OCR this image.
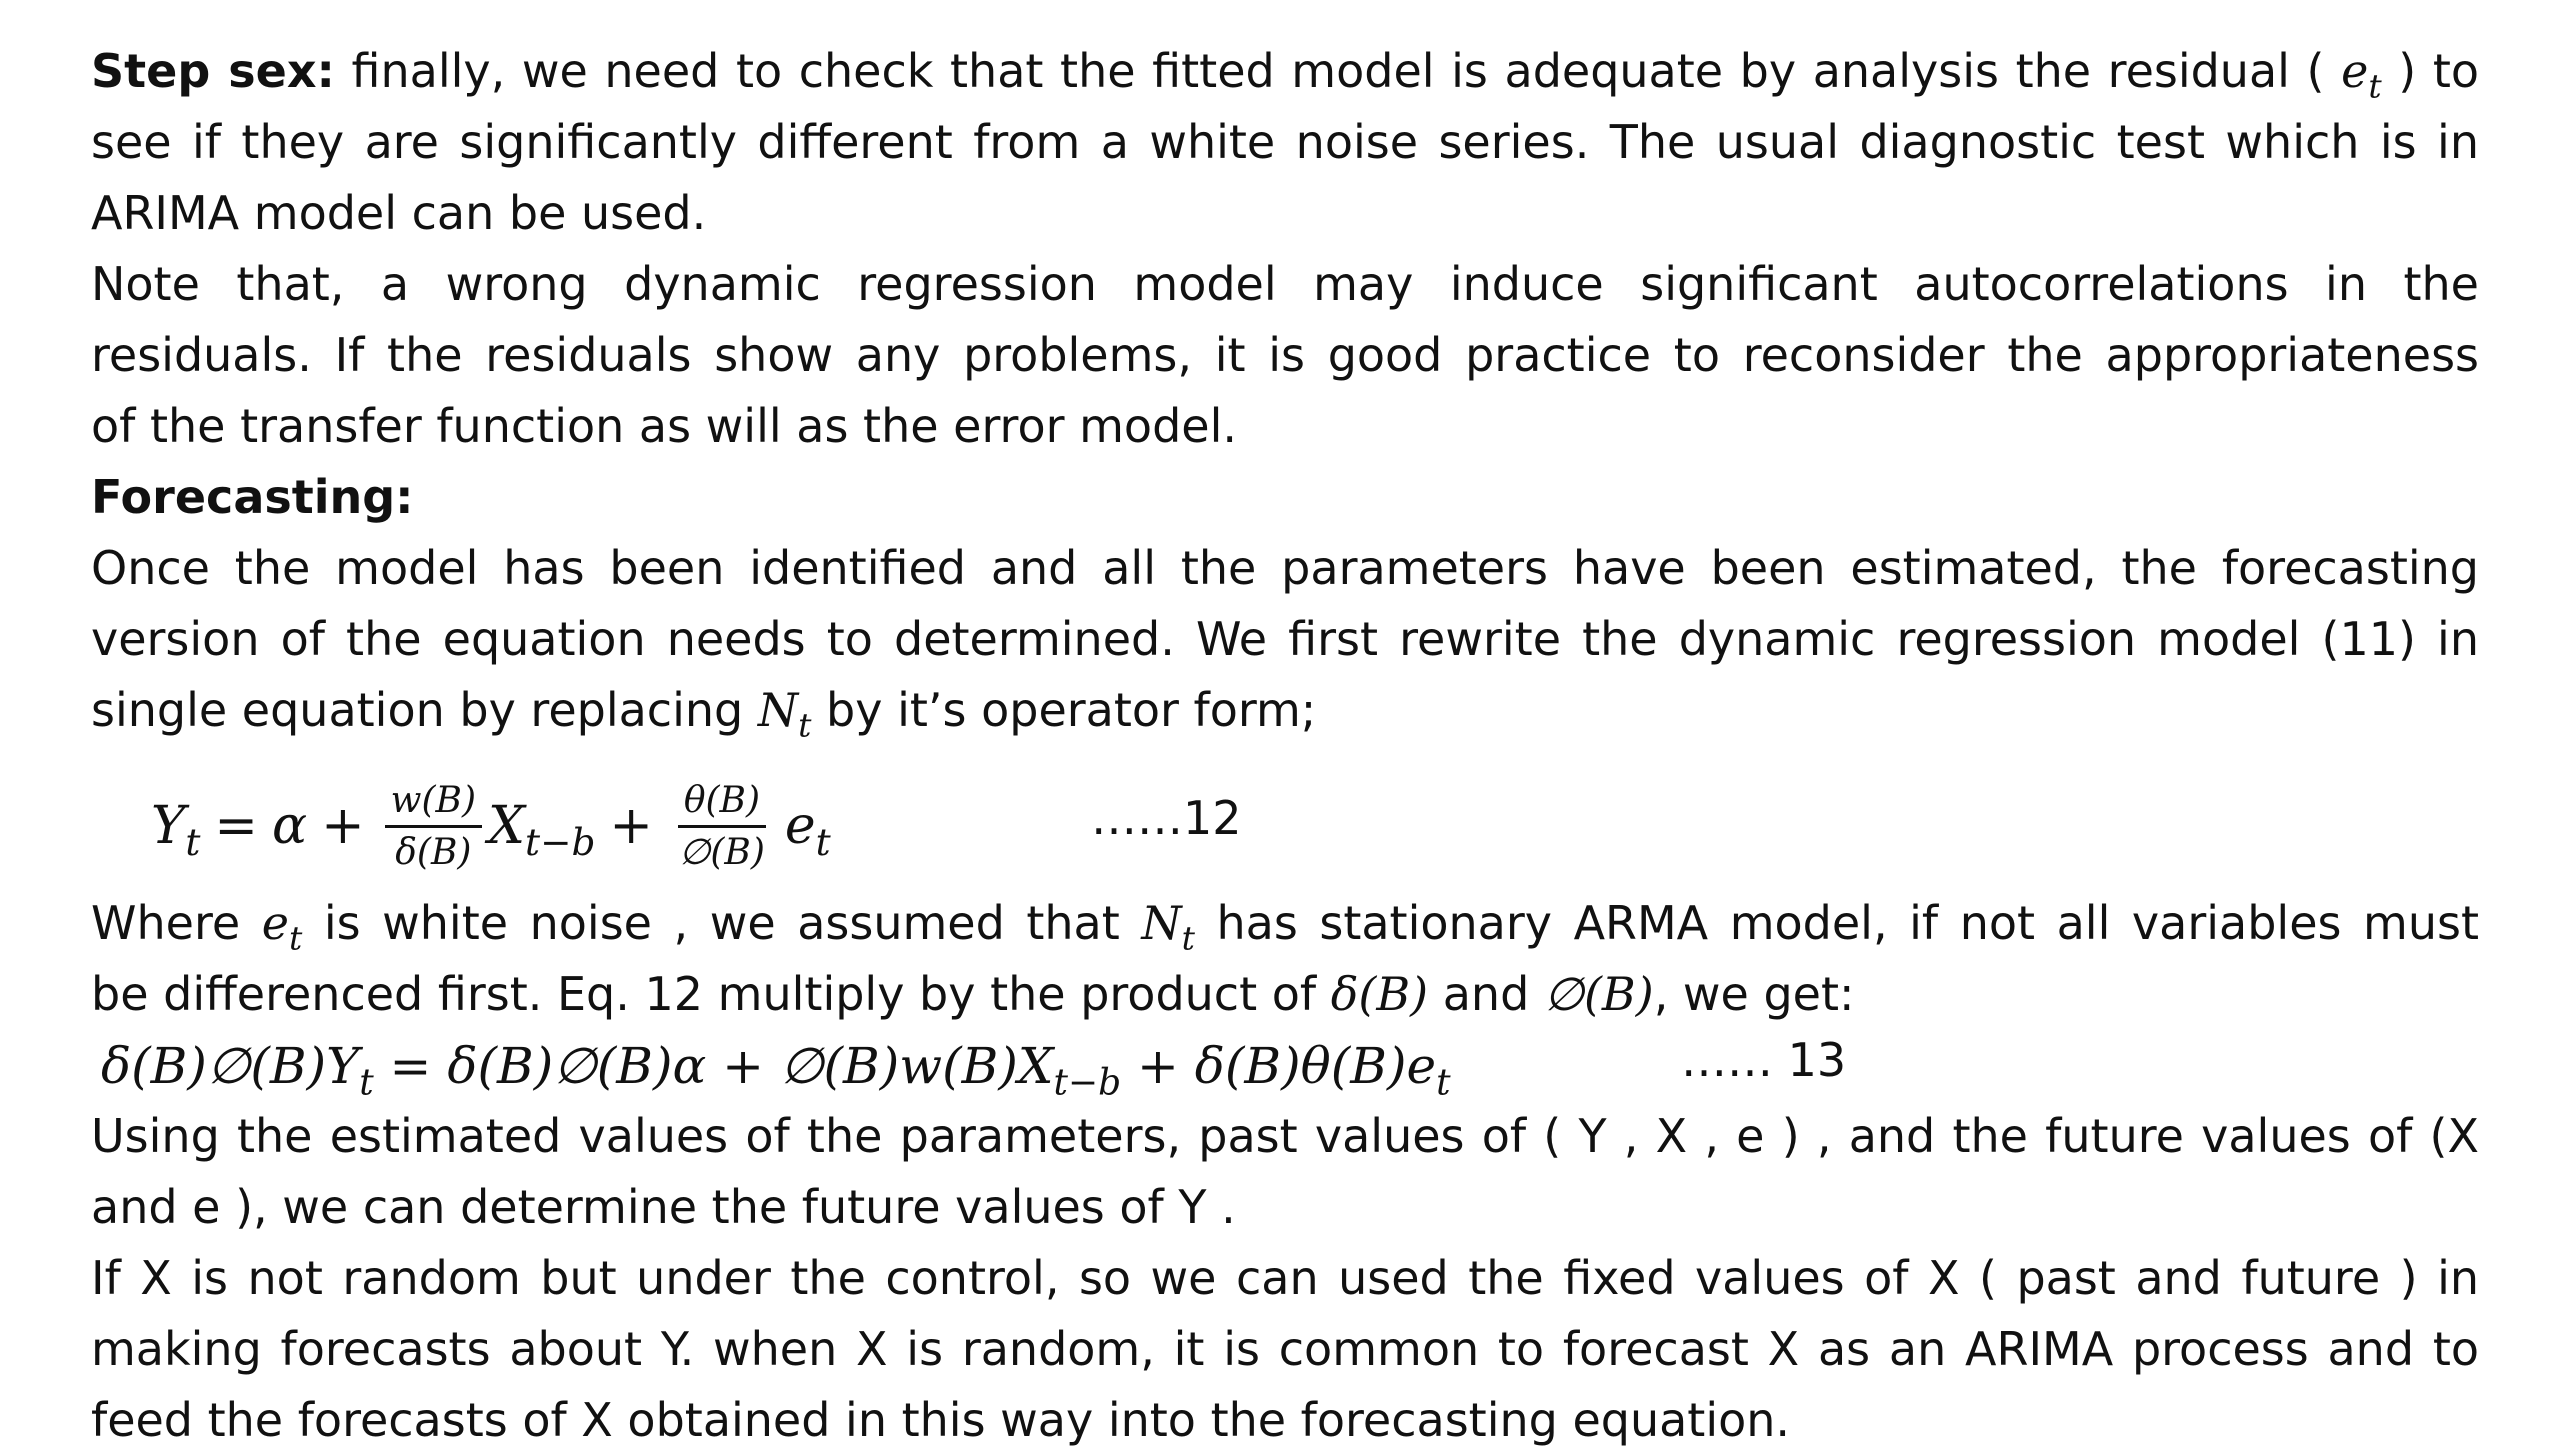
Step sex: finally, we need to check that the fitted model is adequate by analysis the residual ( $e_t$ ) to
see if they are significantly different from a white noise series. The usual diagnostic test which is in
ARIMA model can be used.
Note that, a wrong dynamic regression model may induce significant autocorrelations in the
residuals. If the residuals show any problems, it is good practice to reconsider the appropriateness
of the transfer function as will as the error model.
Forecasting:
Once the model has been identified and all the parameters have been estimated, the forecasting
version of the equation needs to determined. We first rewrite the dynamic regression model (11) in
single equation by replacing $N_t$ by it’s operator form;
$Y_t = \alpha + \frac{w(B)}{\delta(B)} X_{t-b} + \frac{\theta(B)}{\emptyset(B)} e_t$	……12
Where $e_t$ is white noise , we assumed that $N_t$ has stationary ARMA model, if not all variables must
be differenced first. Eq. 12 multiply by the product of δ(B) and ∅(B), we get:
$\delta(B)\emptyset(B)Y_t$ = δ(B)∅(B)α + $\emptyset(B)w(B)X_{t-b} + \delta(B)\theta(B)e_t$	…… 13
Using the estimated values of the parameters, past values of ( Y , X , e ) , and the future values of (X
and e ), we can determine the future values of Y .
If X is not random but under the control, so we can used the fixed values of X ( past and future ) in
making forecasts about Y. when X is random, it is common to forecast X as an ARIMA process and to
feed the forecasts of X obtained in this way into the forecasting equation.
